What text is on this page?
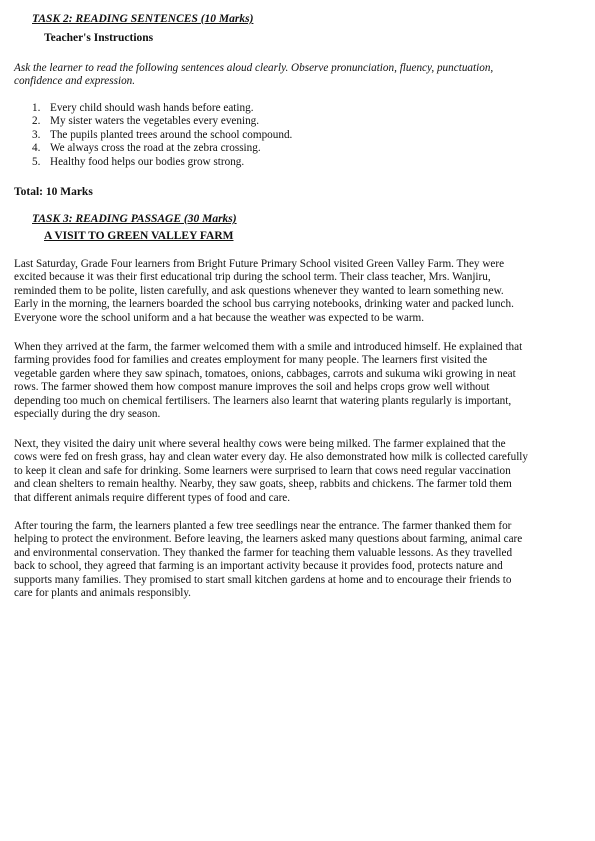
TASK 2: READING SENTENCES (10 Marks)
Teacher's Instructions
Ask the learner to read the following sentences aloud clearly. Observe pronunciation, fluency, punctuation,
confidence and expression.
1. Every child should wash hands before eating.
2. My sister waters the vegetables every evening.
3. The pupils planted trees around the school compound.
4. We always cross the road at the zebra crossing.
5. Healthy food helps our bodies grow strong.
Total: 10 Marks
TASK 3: READING PASSAGE (30 Marks)
A VISIT TO GREEN VALLEY FARM
Last Saturday, Grade Four learners from Bright Future Primary School visited Green Valley Farm. They were
excited because it was their first educational trip during the school term. Their class teacher, Mrs. Wanjiru,
reminded them to be polite, listen carefully, and ask questions whenever they wanted to learn something new.
Early in the morning, the learners boarded the school bus carrying notebooks, drinking water and packed lunch.
Everyone wore the school uniform and a hat because the weather was expected to be warm.
When they arrived at the farm, the farmer welcomed them with a smile and introduced himself. He explained that
farming provides food for families and creates employment for many people. The learners first visited the
vegetable garden where they saw spinach, tomatoes, onions, cabbages, carrots and sukuma wiki growing in neat
rows. The farmer showed them how compost manure improves the soil and helps crops grow well without
depending too much on chemical fertilisers. The learners also learnt that watering plants regularly is important,
especially during the dry season.
Next, they visited the dairy unit where several healthy cows were being milked. The farmer explained that the
cows were fed on fresh grass, hay and clean water every day. He also demonstrated how milk is collected carefully
to keep it clean and safe for drinking. Some learners were surprised to learn that cows need regular vaccination
and clean shelters to remain healthy. Nearby, they saw goats, sheep, rabbits and chickens. The farmer told them
that different animals require different types of food and care.
After touring the farm, the learners planted a few tree seedlings near the entrance. The farmer thanked them for
helping to protect the environment. Before leaving, the learners asked many questions about farming, animal care
and environmental conservation. They thanked the farmer for teaching them valuable lessons. As they travelled
back to school, they agreed that farming is an important activity because it provides food, protects nature and
supports many families. They promised to start small kitchen gardens at home and to encourage their friends to
care for plants and animals responsibly.
